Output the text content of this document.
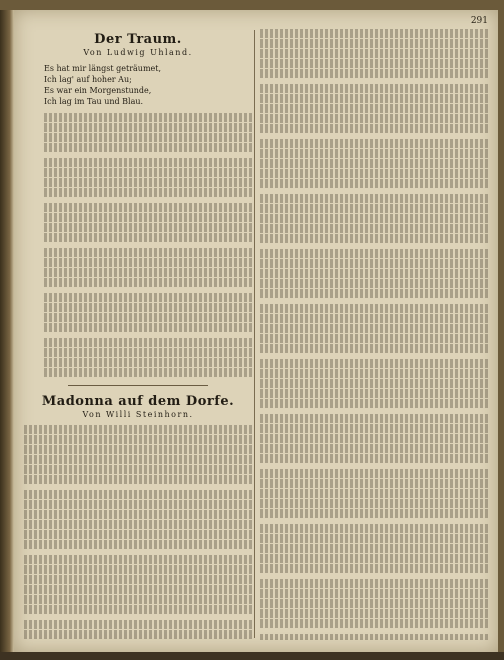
291
Der Traum.
Von Ludwig Uhland.
Es hat mir längst geträumet,
Ich lag' auf hoher Au;
Es war ein Morgenstunde,
Ich lag im Tau und Blau.
Madonna auf dem Dorfe.
Von Willi Steinhorn.
